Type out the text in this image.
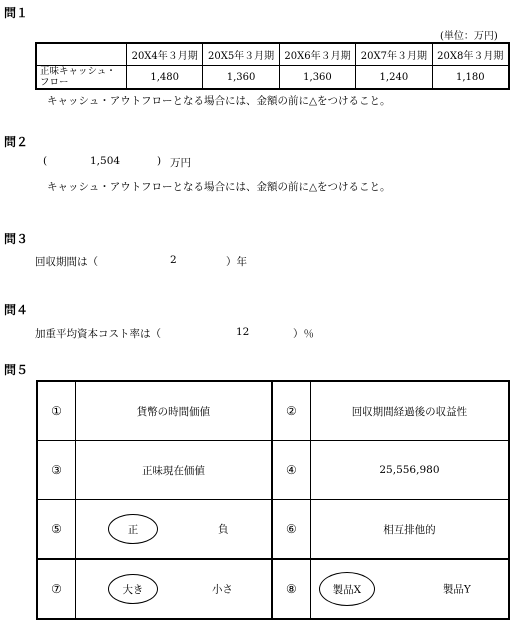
問１
(単位：万円)
	20X4年３月期	20X5年３月期	20X6年３月期	20X7年３月期	20X8年３月期
正味キャッシュ・フロー	1,480	1,360	1,360	1,240	1,180
キャッシュ・アウトフローとなる場合には、金額の前に△をつけること。
問２
(	1,504	) 万円
キャッシュ・アウトフローとなる場合には、金額の前に△をつけること。
問３
回収期間は（	2	）年
問４
加重平均資本コスト率は（	12	）％
問５
①	貨幣の時間価値	②	回収期間経過後の収益性
③	正味現在価値	④	25,556,980
⑤	正 負	⑥	相互排他的
⑦	大き 小さ	⑧	製品X 製品Y
